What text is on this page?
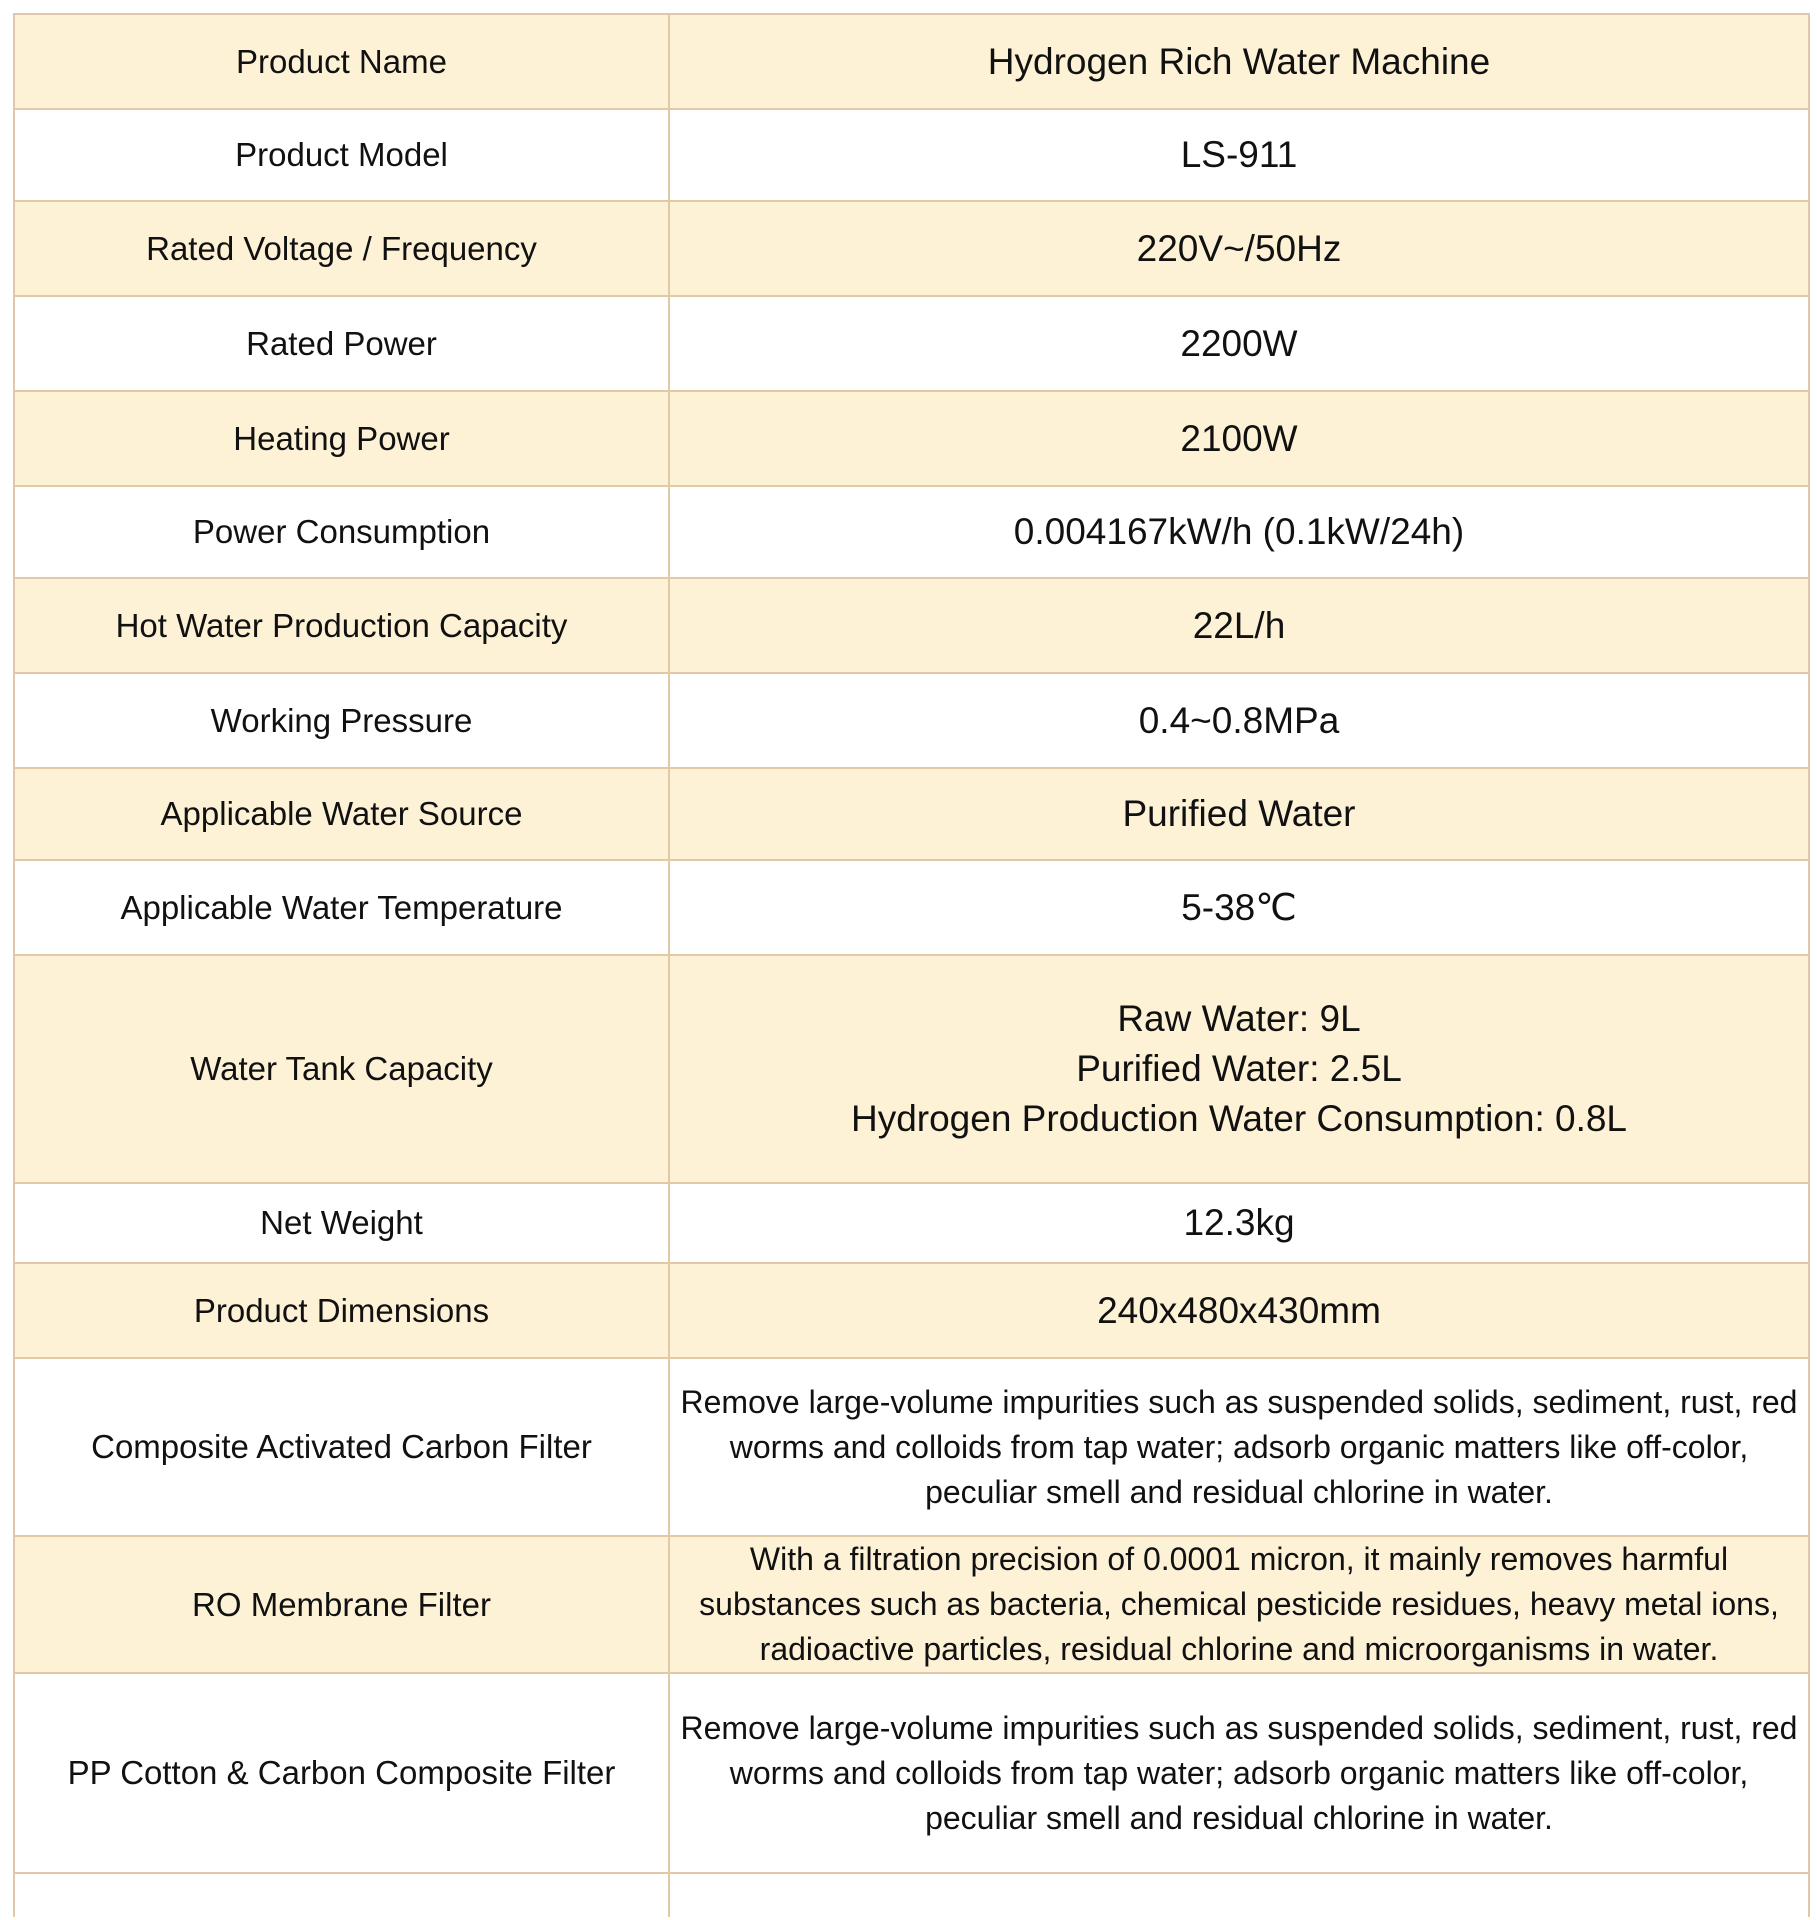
Product Name	Hydrogen Rich Water Machine
Product Model	LS-911
Rated Voltage / Frequency	220V~/50Hz
Rated Power	2200W
Heating Power	2100W
Power Consumption	0.004167kW/h (0.1kW/24h)
Hot Water Production Capacity	22L/h
Working Pressure	0.4~0.8MPa
Applicable Water Source	Purified Water
Applicable Water Temperature	5-38℃
Water Tank Capacity	Raw Water: 9L
Purified Water: 2.5L
Hydrogen Production Water Consumption: 0.8L

Net Weight	12.3kg
Product Dimensions	240x480x430mm
Composite Activated Carbon Filter	Remove large-volume impurities such as suspended solids, sediment, rust, red worms and colloids from tap water; adsorb organic matters like off-color, peculiar smell and residual chlorine in water.
RO Membrane Filter	With a filtration precision of 0.0001 micron, it mainly removes harmful substances such as bacteria, chemical pesticide residues, heavy metal ions, radioactive particles, residual chlorine and microorganisms in water.
PP Cotton & Carbon Composite Filter	Remove large-volume impurities such as suspended solids, sediment, rust, red worms and colloids from tap water; adsorb organic matters like off-color, peculiar smell and residual chlorine in water.
